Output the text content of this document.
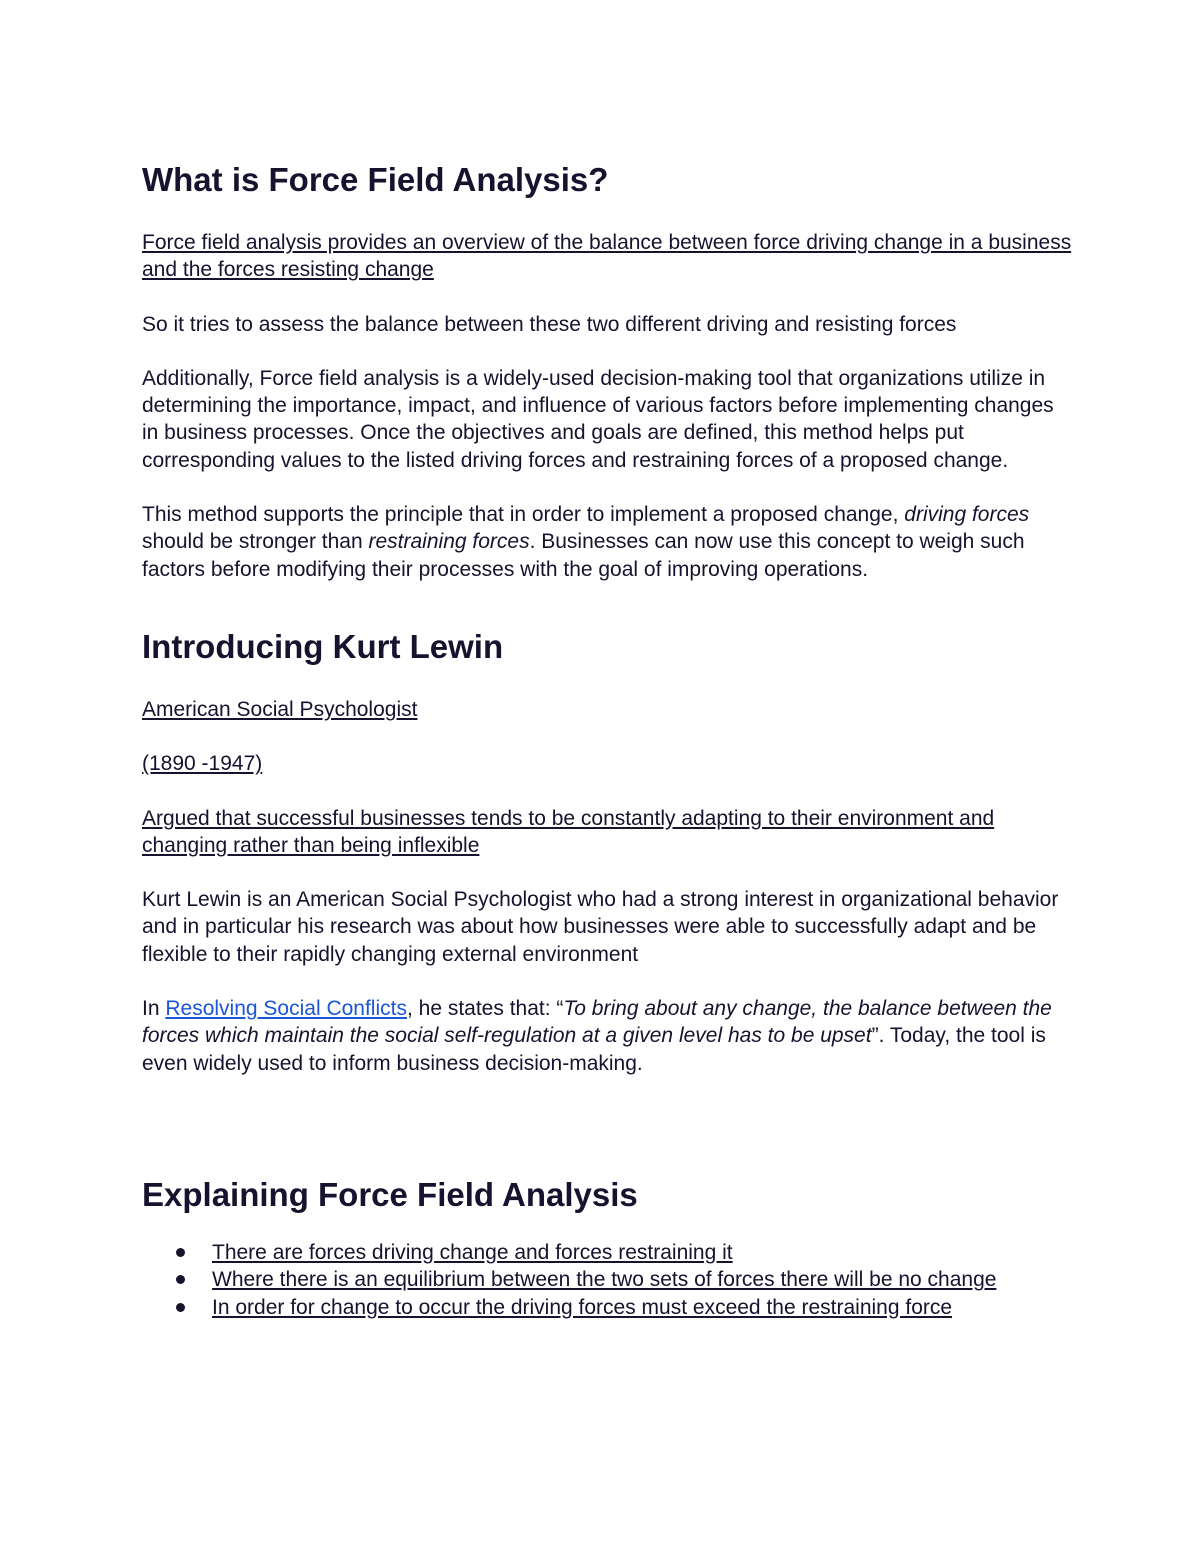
What is Force Field Analysis?

Force field analysis provides an overview of the balance between force driving change in a business and the forces resisting change

So it tries to assess the balance between these two different driving and resisting forces

Additionally, Force field analysis is a widely-used decision-making tool that organizations utilize in determining the importance, impact, and influence of various factors before implementing changes in business processes. Once the objectives and goals are defined, this method helps put corresponding values to the listed driving forces and restraining forces of a proposed change.

This method supports the principle that in order to implement a proposed change, driving forces should be stronger than restraining forces. Businesses can now use this concept to weigh such factors before modifying their processes with the goal of improving operations.

Introducing Kurt Lewin

American Social Psychologist

(1890 -1947)

Argued that successful businesses tends to be constantly adapting to their environment and changing rather than being inflexible

Kurt Lewin is an American Social Psychologist who had a strong interest in organizational behavior and in particular his research was about how businesses were able to successfully adapt and be flexible to their rapidly changing external environment

In Resolving Social Conflicts, he states that: “To bring about any change, the balance between the forces which maintain the social self-regulation at a given level has to be upset”. Today, the tool is even widely used to inform business decision-making.

Explaining Force Field Analysis
There are forces driving change and forces restraining it
Where there is an equilibrium between the two sets of forces there will be no change
In order for change to occur the driving forces must exceed the restraining force
